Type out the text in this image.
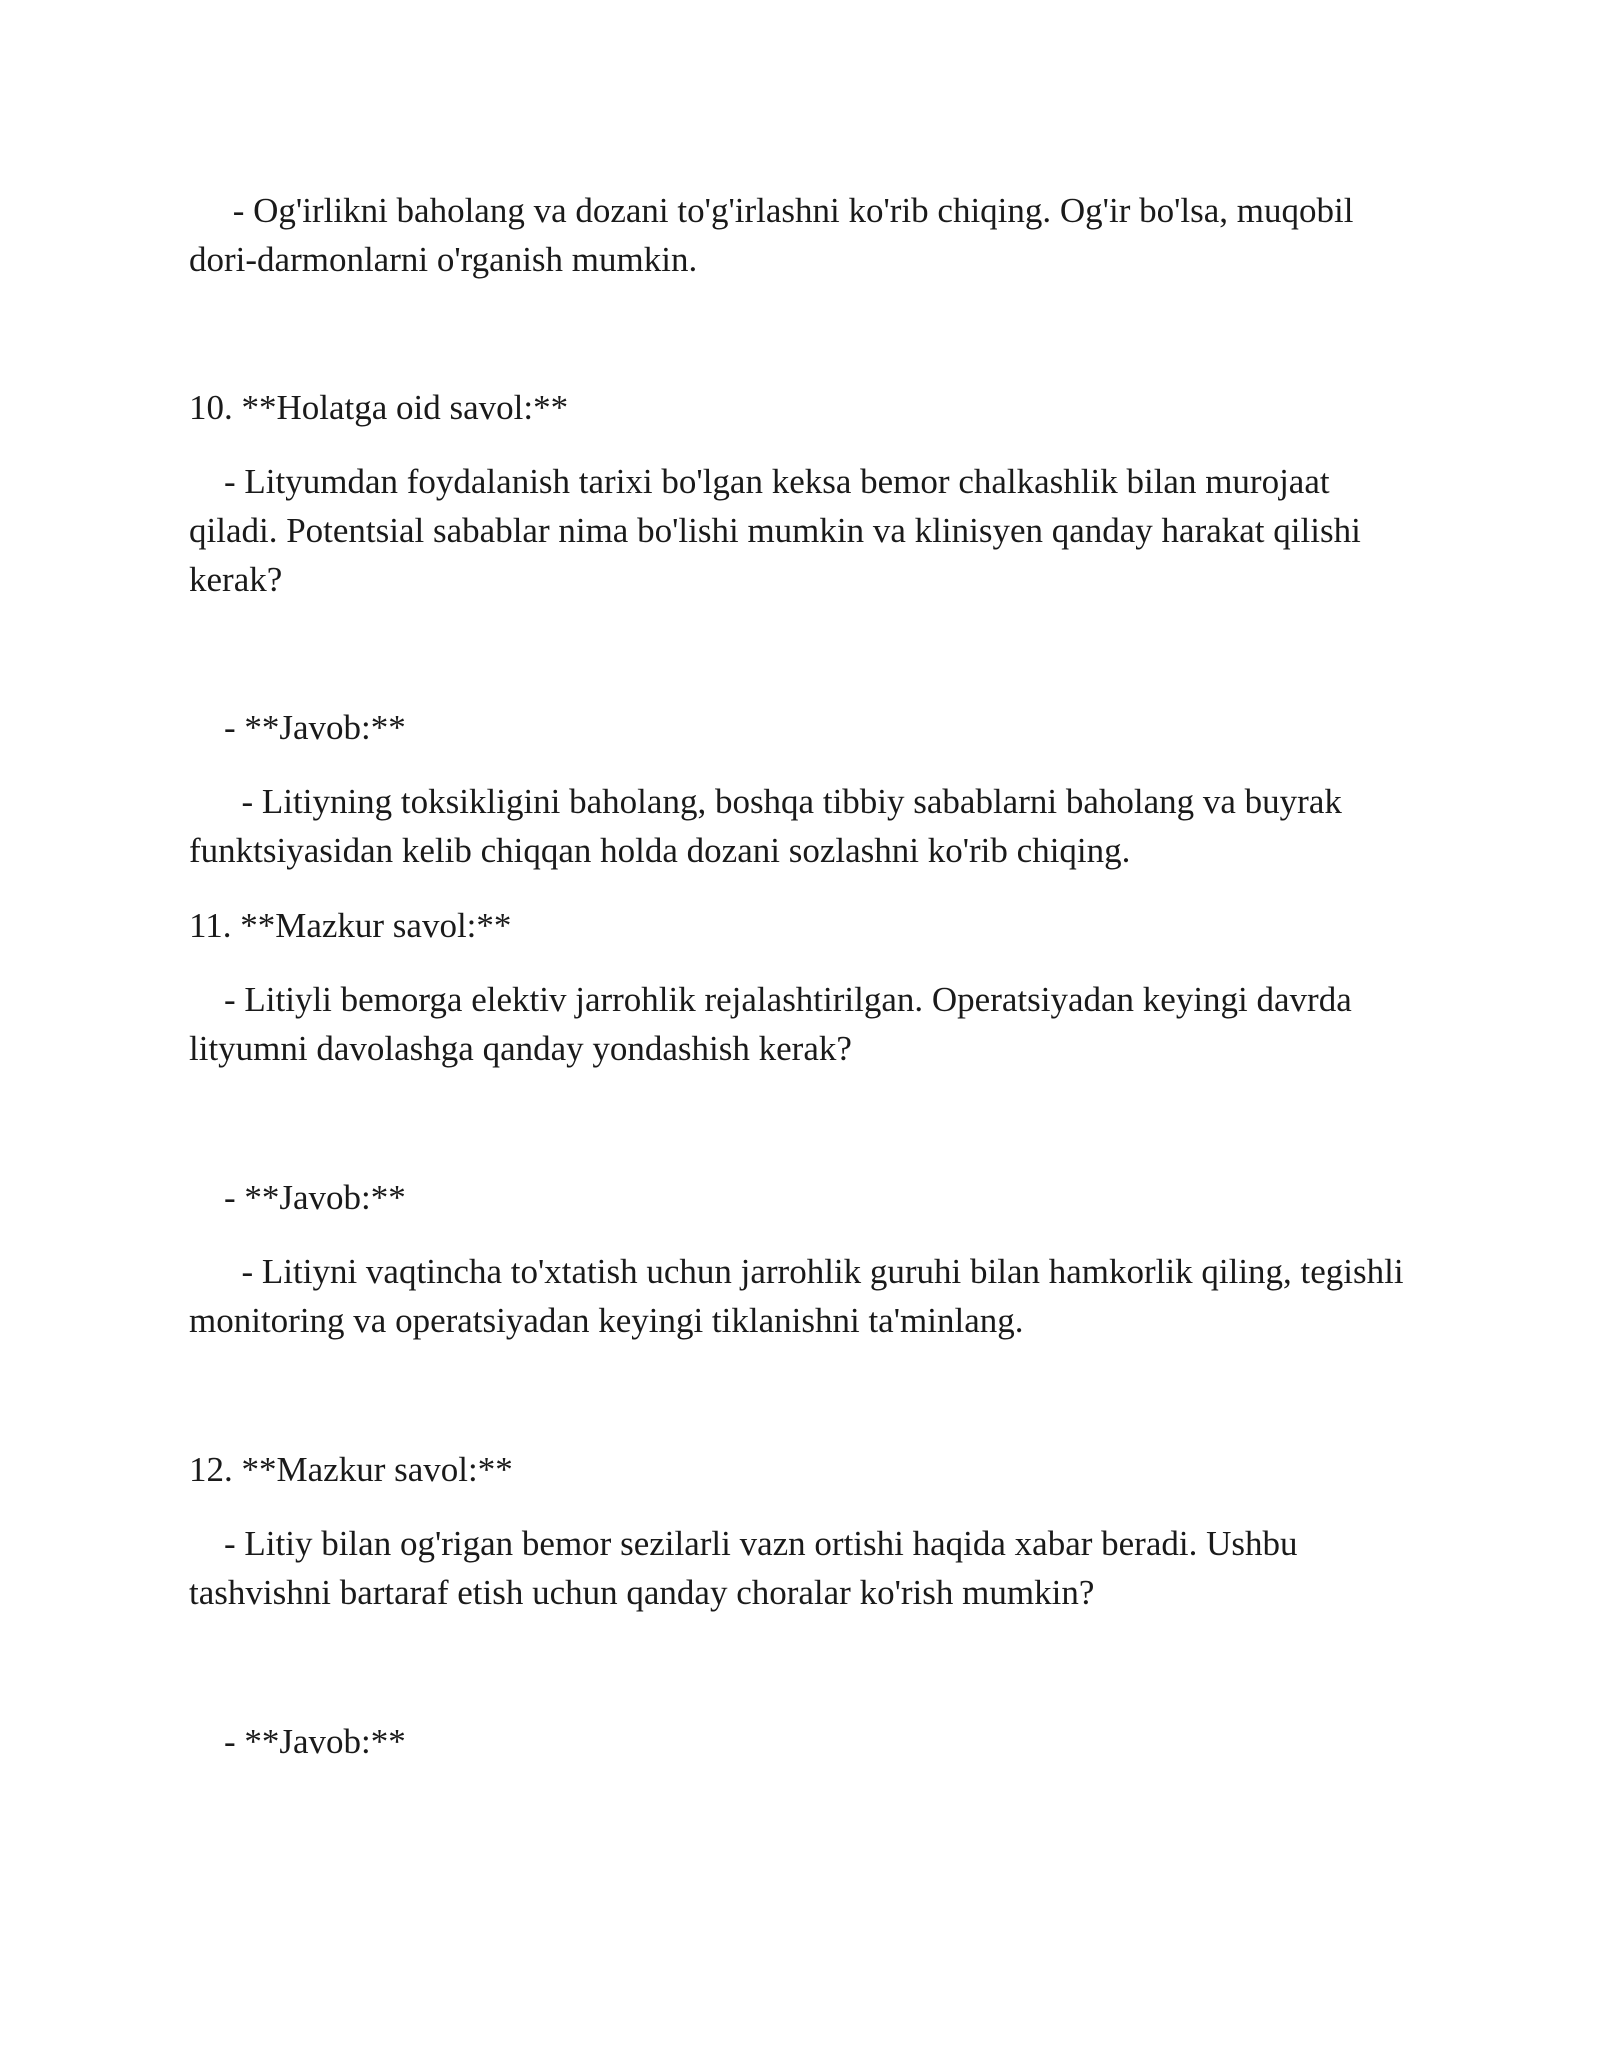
- Og'irlikni baholang va dozani to'g'irlashni ko'rib chiqing. Og'ir bo'lsa, muqobil dori-darmonlarni o'rganish mumkin.

10. **Holatga oid savol:**

- Lityumdan foydalanish tarixi bo'lgan keksa bemor chalkashlik bilan murojaat qiladi. Potentsial sabablar nima bo'lishi mumkin va klinisyen qanday harakat qilishi kerak?

- **Javob:**

- Litiyning toksikligini baholang, boshqa tibbiy sabablarni baholang va buyrak funktsiyasidan kelib chiqqan holda dozani sozlashni ko'rib chiqing.

11. **Mazkur savol:**

- Litiyli bemorga elektiv jarrohlik rejalashtirilgan. Operatsiyadan keyingi davrda lityumni davolashga qanday yondashish kerak?

- **Javob:**

- Litiyni vaqtincha to'xtatish uchun jarrohlik guruhi bilan hamkorlik qiling, tegishli monitoring va operatsiyadan keyingi tiklanishni ta'minlang.

12. **Mazkur savol:**

- Litiy bilan og'rigan bemor sezilarli vazn ortishi haqida xabar beradi. Ushbu tashvishni bartaraf etish uchun qanday choralar ko'rish mumkin?

- **Javob:**
